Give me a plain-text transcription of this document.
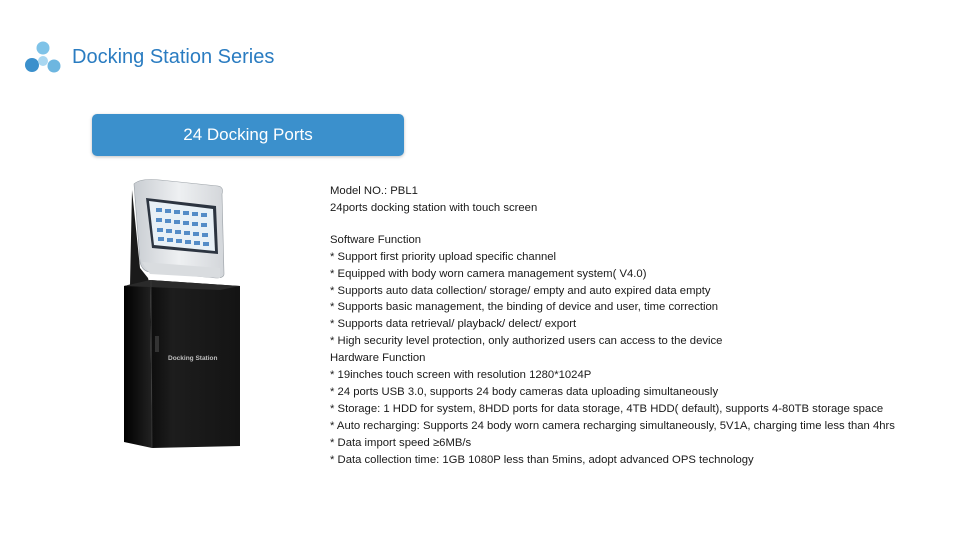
Docking Station Series
24 Docking Ports
Docking Station
Model NO.: PBL1
24ports docking station with touch screen
Software Function
* Support first priority upload specific channel
* Equipped with body worn camera management system( V4.0)
* Supports auto data collection/ storage/ empty and auto expired data empty
* Supports basic management, the binding of device and user, time correction
* Supports data retrieval/ playback/ delect/ export
* High security level protection, only authorized users can access to the device
Hardware Function
* 19inches touch screen with resolution 1280*1024P
* 24 ports USB 3.0, supports 24 body cameras data uploading simultaneously
* Storage: 1 HDD for system, 8HDD ports for data storage, 4TB HDD( default), supports 4-80TB storage space
* Auto recharging: Supports 24 body worn camera recharging simultaneously, 5V1A, charging time less than 4hrs
* Data import speed ≥6MB/s
* Data collection time: 1GB 1080P less than 5mins, adopt advanced OPS technology
